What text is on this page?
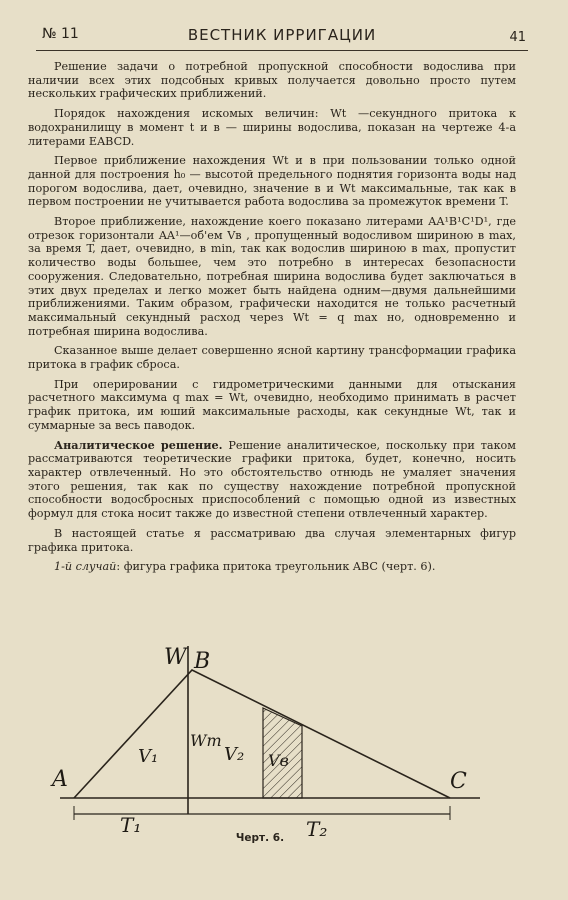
№ 11	ВЕСТНИК ИРРИГАЦИИ	41

Решение задачи о потребной пропускной способности водослива при наличии всех этих подсобных кривых получается довольно просто путем нескольких графических приближений.

Порядок нахождения искомых величин: Wt —секундного притока к водохранилищу в момент t и в — ширины водослива, показан на чертеже 4-а литерами EABCD.

Первое приближение нахождения Wt и в при пользовании только одной данной для построения h₀ — высотой предельного поднятия горизонта воды над порогом водослива, дает, очевидно, значение в и Wt максимальные, так как в первом построении не учитывается работа водослива за промежуток времени T.

Второе приближение, нахождение коего показано литерами AA¹B¹C¹D¹, где отрезок горизонтали AA¹—об'ем Vв , пропущенный водосливом шириною в max, за время T, дает, очевидно, в min, так как водослив шириною в max, пропустит количество воды большее, чем это потребно в интересах безопасности сооружения. Следовательно, потребная ширина водослива будет заключаться в этих двух пределах и легко может быть найдена одним—двумя дальнейшими приближениями. Таким образом, графически находится не только расчетный максимальный секундный расход через Wt = q max но, одновременно и потребная ширина водослива.

Сказанное выше делает совершенно ясной картину трансформации графика притока в график сброса.

При оперировании с гидрометрическими данными для отыскания расчетного максимума q max = Wt, очевидно, необходимо принимать в расчет график притока, им юший максимальные расходы, как секундные Wt, так и суммарные за весь паводок.

Аналитическое решение. Решение аналитическое, поскольку при таком рассматриваются теоретические графики притока, будет, конечно, носить характер отвлеченный. Но это обстоятельство отнюдь не умаляет значения этого решения, так как по существу нахождение потребной пропускной способности водосбросных приспособлений с помощью одной из известных формул для стока носит также до известной степени отвлеченный характер.

В настоящей статье я рассматриваю два случая элементарных фигур графика притока.

1-й случай: фигура графика притока треугольник ABC (черт. 6).

W B
A	C
V₁
Wm
V₂ Vв
T₁	T₂
Черт. 6.
